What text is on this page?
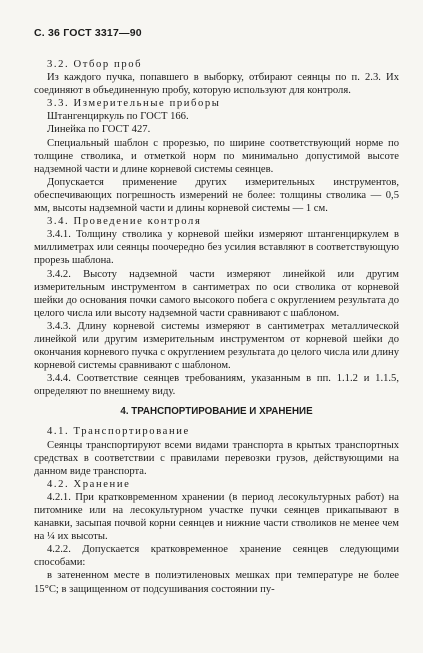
С. 36 ГОСТ 3317—90

3.2. Отбор проб

Из каждого пучка, попавшего в выборку, отбирают сеянцы по п. 2.3. Их соединяют в объединенную пробу, которую используют для контроля.

3.3. Измерительные приборы

Штангенциркуль по ГОСТ 166.

Линейка по ГОСТ 427.

Специальный шаблон с прорезью, по ширине соответствующий норме по толщине стволика, и отметкой норм по минимально допустимой высоте надземной части и длине корневой системы сеянцев.

Допускается применение других измерительных инструментов, обеспечивающих погрешность измерений не более: толщины стволика — 0,5 мм, высоты надземной части и длины корневой системы — 1 см.

3.4. Проведение контроля

3.4.1. Толщину стволика у корневой шейки измеряют штангенциркулем в миллиметрах или сеянцы поочередно без усилия вставляют в соответствующую прорезь шаблона.

3.4.2. Высоту надземной части измеряют линейкой или другим измерительным инструментом в сантиметрах по оси стволика от корневой шейки до основания почки самого высокого побега с округлением результата до целого числа или высоту надземной части сравнивают с шаблоном.

3.4.3. Длину корневой системы измеряют в сантиметрах металлической линейкой или другим измерительным инструментом от корневой шейки до окончания корневого пучка с округлением результата до целого числа или длину корневой системы сравнивают с шаблоном.

3.4.4. Соответствие сеянцев требованиям, указанным в пп. 1.1.2 и 1.1.5, определяют по внешнему виду.

4. ТРАНСПОРТИРОВАНИЕ И ХРАНЕНИЕ

4.1. Транспортирование

Сеянцы транспортируют всеми видами транспорта в крытых транспортных средствах в соответствии с правилами перевозки грузов, действующими на данном виде транспорта.

4.2. Хранение

4.2.1. При кратковременном хранении (в период лесокультурных работ) на питомнике или на лесокультурном участке пучки сеянцев прикапывают в канавки, засыпая почвой корни сеянцев и нижние части стволиков не менее чем на ¼ их высоты.

4.2.2. Допускается кратковременное хранение сеянцев следующими способами:

в затененном месте в полиэтиленовых мешках при температуре не более 15°С; в защищенном от подсушивания состоянии пу-
